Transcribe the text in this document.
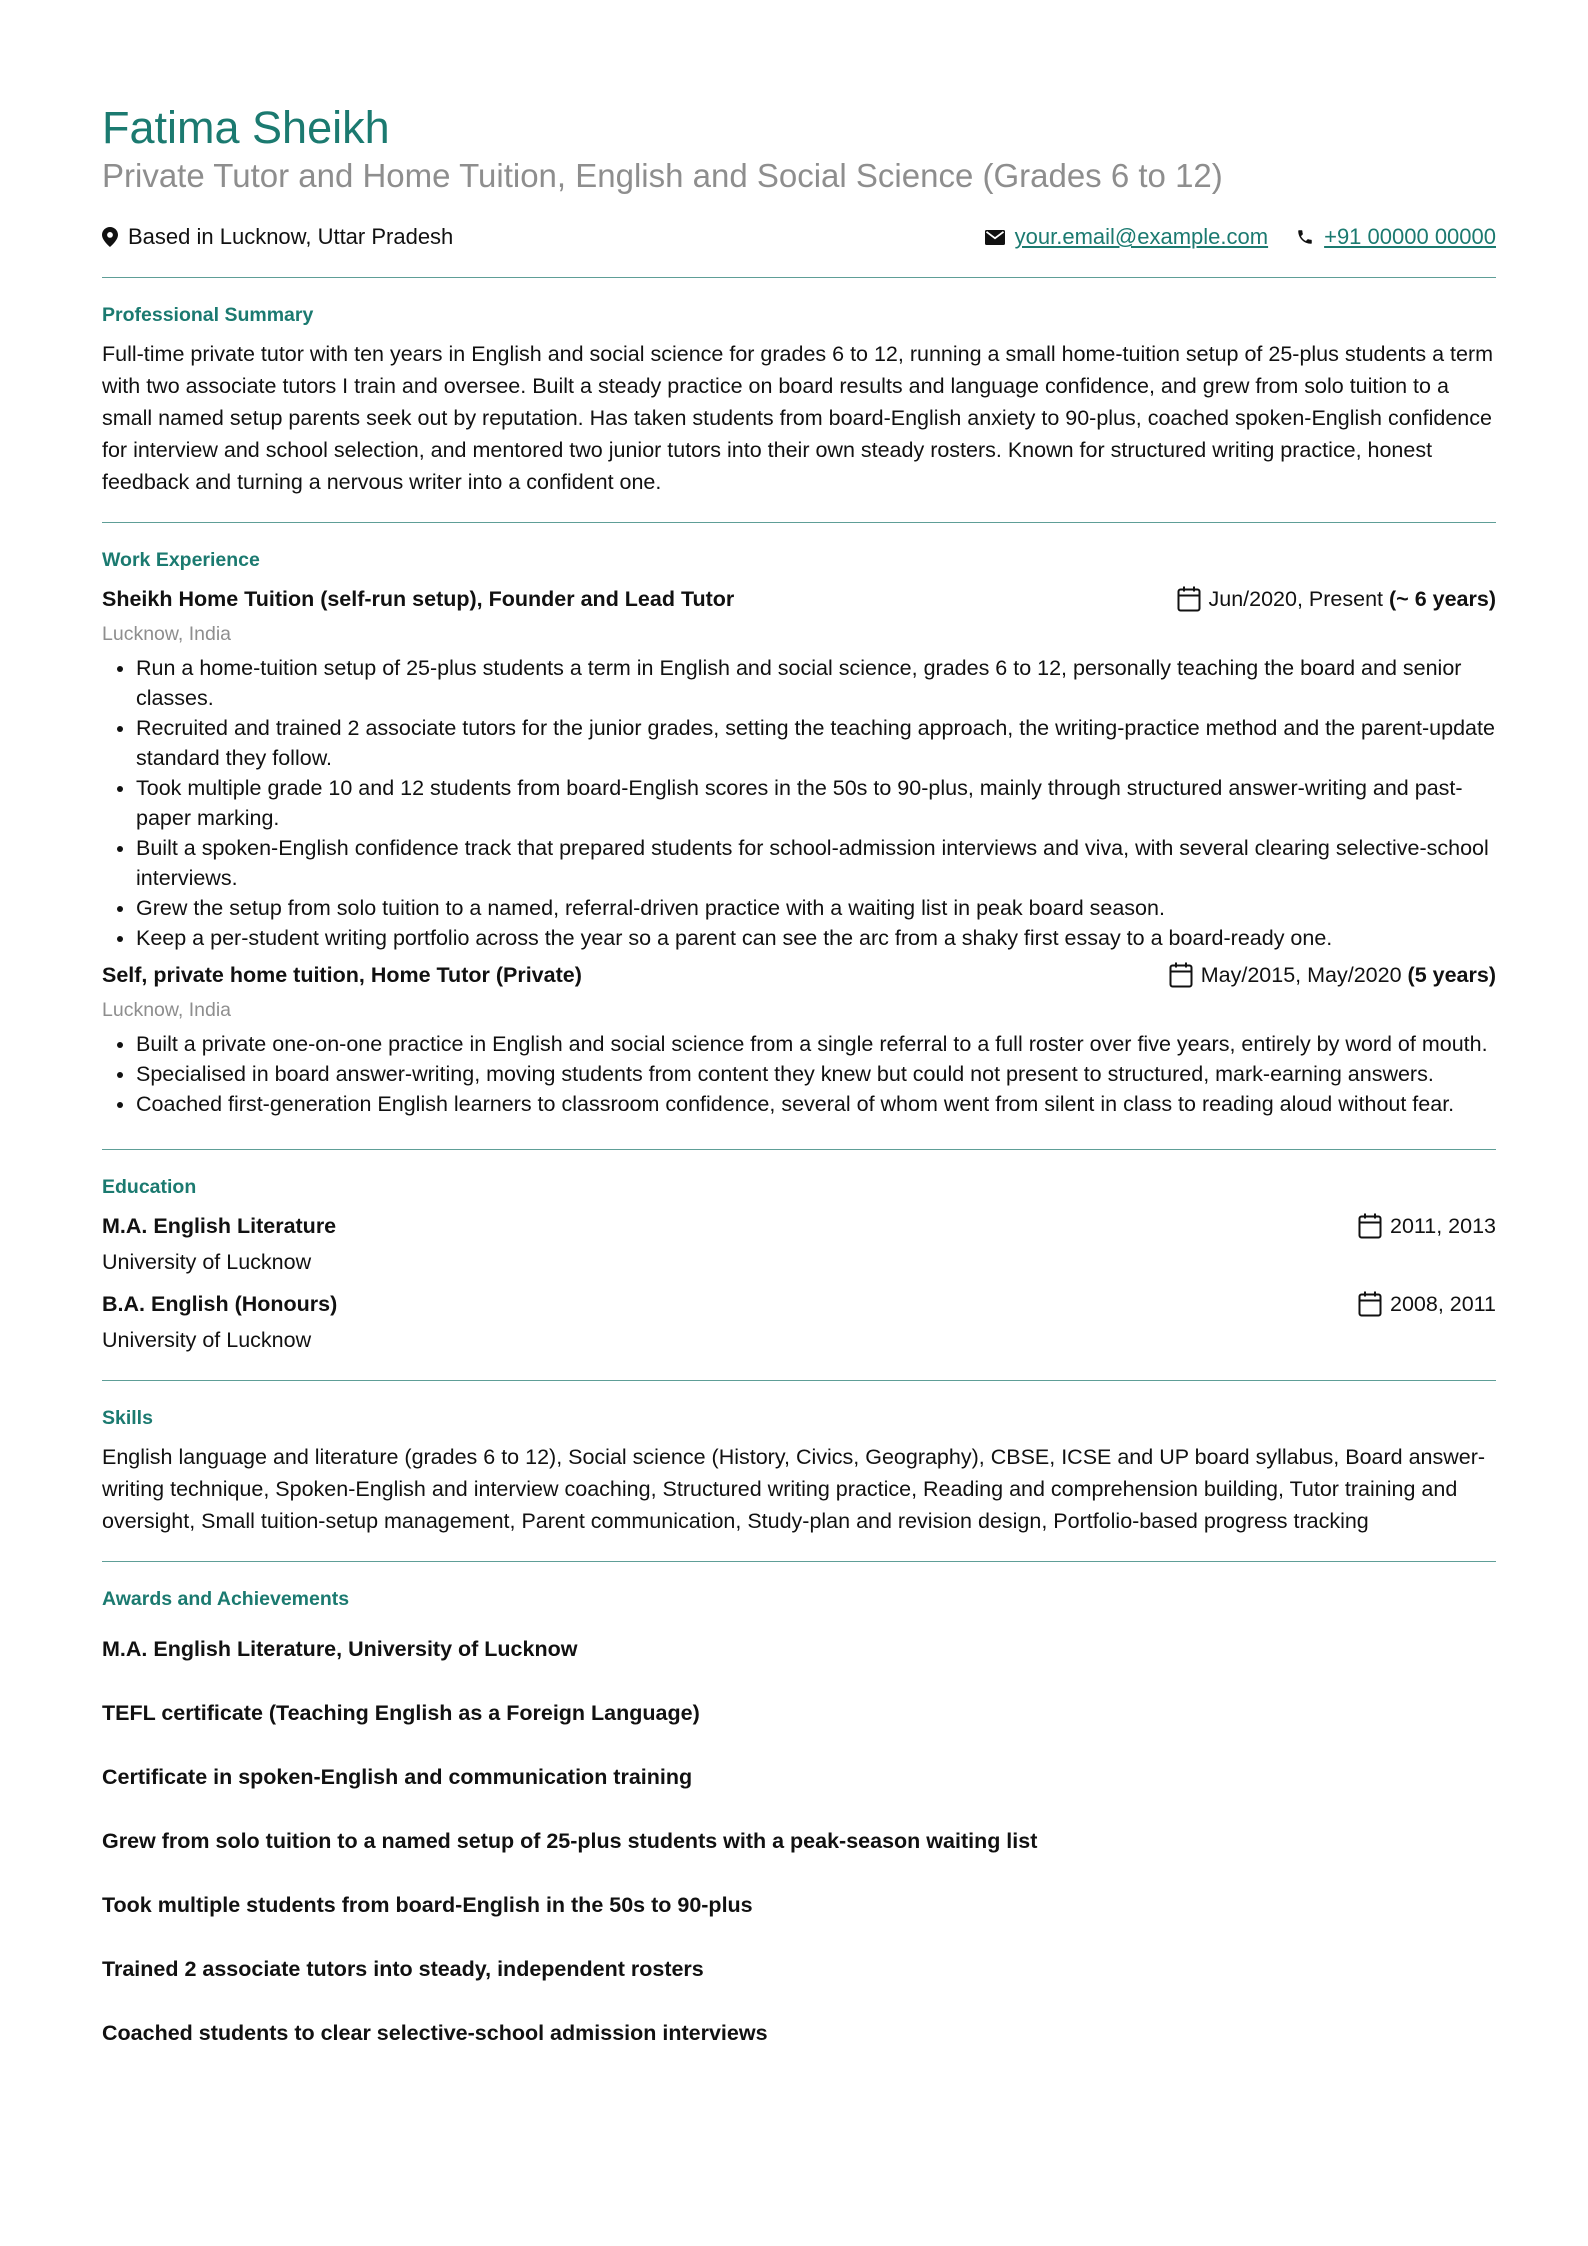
Fatima Sheikh
Private Tutor and Home Tuition, English and Social Science (Grades 6 to 12)
Based in Lucknow, Uttar Pradesh	your.email@example.com	+91 00000 00000
Professional Summary

Full-time private tutor with ten years in English and social science for grades 6 to 12, running a small home-tuition setup of 25-plus students a term with two associate tutors I train and oversee. Built a steady practice on board results and language confidence, and grew from solo tuition to a small named setup parents seek out by reputation. Has taken students from board-English anxiety to 90-plus, coached spoken-English confidence for interview and school selection, and mentored two junior tutors into their own steady rosters. Known for structured writing practice, honest feedback and turning a nervous writer into a confident one.

Work Experience
Sheikh Home Tuition (self-run setup), Founder and Lead Tutor	Jun/2020, Present (~ 6 years)
Lucknow, India
• Run a home-tuition setup of 25-plus students a term in English and social science, grades 6 to 12, personally teaching the board and senior classes.
• Recruited and trained 2 associate tutors for the junior grades, setting the teaching approach, the writing-practice method and the parent-update standard they follow.
• Took multiple grade 10 and 12 students from board-English scores in the 50s to 90-plus, mainly through structured answer-writing and past-paper marking.
• Built a spoken-English confidence track that prepared students for school-admission interviews and viva, with several clearing selective-school interviews.
• Grew the setup from solo tuition to a named, referral-driven practice with a waiting list in peak board season.
• Keep a per-student writing portfolio across the year so a parent can see the arc from a shaky first essay to a board-ready one.
Self, private home tuition, Home Tutor (Private)	May/2015, May/2020 (5 years)
Lucknow, India
• Built a private one-on-one practice in English and social science from a single referral to a full roster over five years, entirely by word of mouth.
• Specialised in board answer-writing, moving students from content they knew but could not present to structured, mark-earning answers.
• Coached first-generation English learners to classroom confidence, several of whom went from silent in class to reading aloud without fear.
Education
M.A. English Literature	2011, 2013
University of Lucknow
B.A. English (Honours)	2008, 2011
University of Lucknow
Skills

English language and literature (grades 6 to 12), Social science (History, Civics, Geography), CBSE, ICSE and UP board syllabus, Board answer-writing technique, Spoken-English and interview coaching, Structured writing practice, Reading and comprehension building, Tutor training and oversight, Small tuition-setup management, Parent communication, Study-plan and revision design, Portfolio-based progress tracking

Awards and Achievements

M.A. English Literature, University of Lucknow

TEFL certificate (Teaching English as a Foreign Language)

Certificate in spoken-English and communication training

Grew from solo tuition to a named setup of 25-plus students with a peak-season waiting list

Took multiple students from board-English in the 50s to 90-plus

Trained 2 associate tutors into steady, independent rosters

Coached students to clear selective-school admission interviews
